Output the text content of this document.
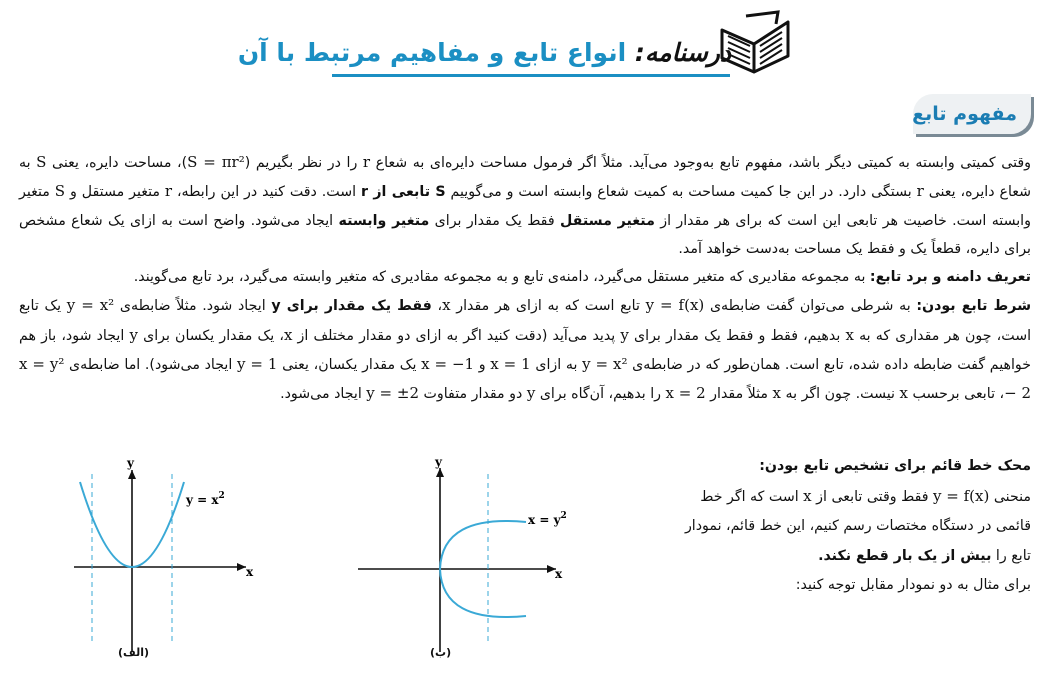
درسنامه: انواع تابع و مفاهیم مرتبط با آن
مفهوم تابع

وقتی کمیتی وابسته به کمیتی دیگر باشد، مفهوم تابع به‌وجود می‌آید. مثلاً اگر فرمول مساحت دایره‌ای به شعاع r را در نظر بگیریم (S = πr²)، مساحت دایره، یعنی S به شعاع دایره، یعنی r بستگی دارد. در این جا کمیت مساحت به کمیت شعاع وابسته است و می‌گوییم S تابعی از r است. دقت کنید در این رابطه، r متغیر مستقل و S متغیر وابسته است. خاصیت هر تابعی این است که برای هر مقدار از متغیر مستقل فقط یک مقدار برای متغیر وابسته ایجاد می‌شود. واضح است به ازای یک شعاع مشخص برای دایره، قطعاً یک و فقط یک مساحت به‌دست خواهد آمد.

تعریف دامنه و برد تابع: به مجموعه مقادیری که متغیر مستقل می‌گیرد، دامنه‌ی تابع و به مجموعه مقادیری که متغیر وابسته می‌گیرد، برد تابع می‌گویند.

شرط تابع بودن: به شرطی می‌توان گفت ضابطه‌ی y = f(x) تابع است که به ازای هر مقدار x، فقط یک مقدار برای y ایجاد شود. مثلاً ضابطه‌ی y = x² یک تابع است، چون هر مقداری که به x بدهیم، فقط و فقط یک مقدار برای y پدید می‌آید (دقت کنید اگر به ازای دو مقدار مختلف از x، یک مقدار یکسان برای y ایجاد شود، باز هم خواهیم گفت ضابطه داده شده، تابع است. همان‌طور که در ضابطه‌ی y = x² به ازای x = 1 و x = −1 یک مقدار یکسان، یعنی y = 1 ایجاد می‌شود). اما ضابطه‌ی x = y² − 2، تابعی برحسب x نیست. چون اگر به x مثلاً مقدار x = 2 را بدهیم، آن‌گاه برای y دو مقدار متفاوت y = ±2 ایجاد می‌شود.

محک خط قائم برای تشخیص تابع بودن:

منحنی y = f(x) فقط وقتی تابعی از x است که اگر خط قائمی در دستگاه مختصات رسم کنیم، این خط قائم، نمودار تابع را بیش از یک بار قطع نکند.

برای مثال به دو نمودار مقابل توجه کنید:

y
x
$y = x^2$
(الف)
y
x
$x = y^2$
(ب)
